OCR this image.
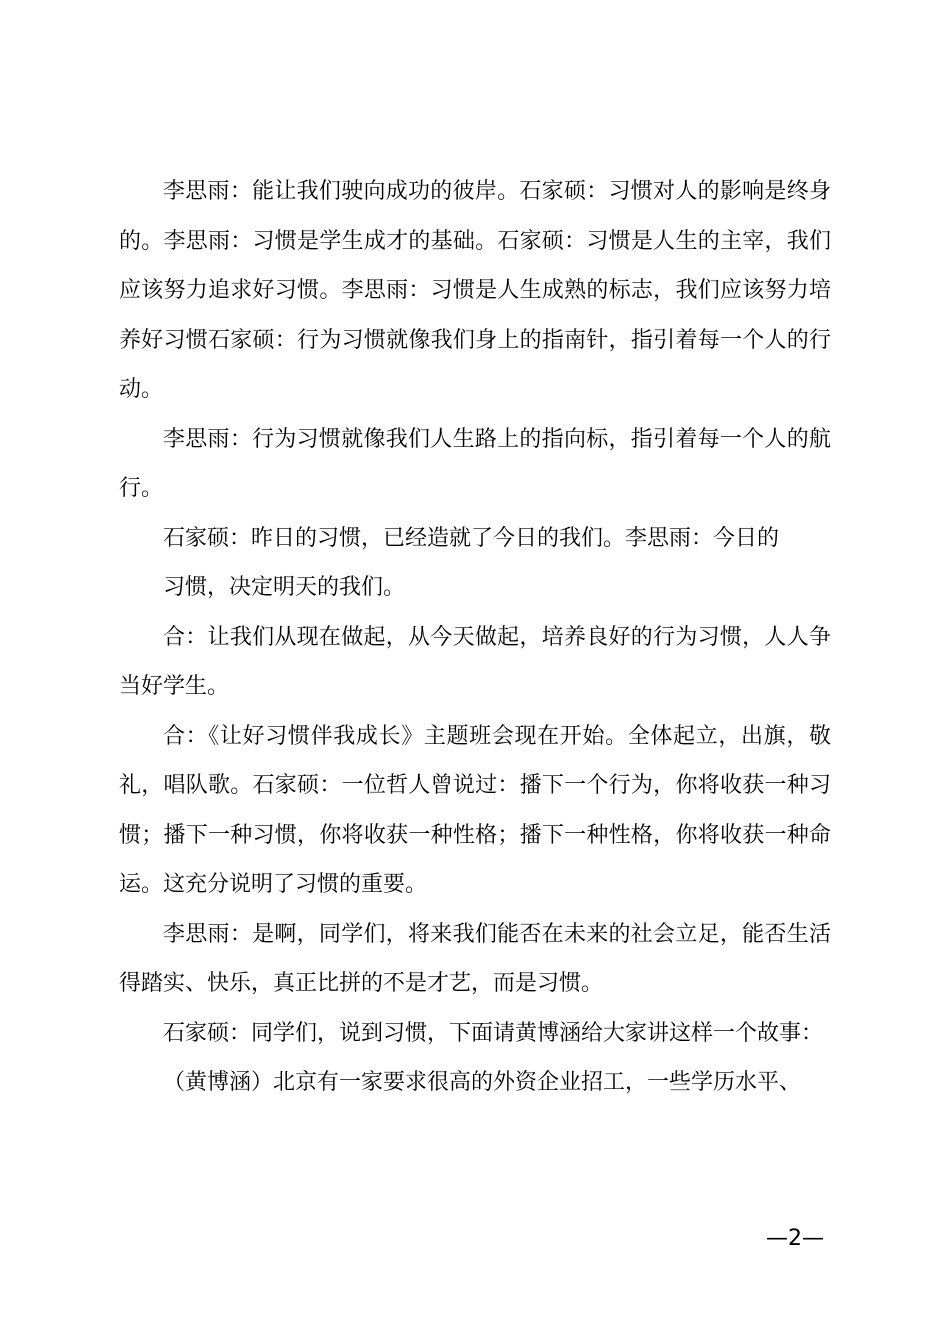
李思雨：能让我们驶向成功的彼岸。石家硕：习惯对人的影响是终身的。李思雨：习惯是学生成才的基础。石家硕：习惯是人生的主宰，我们应该努力追求好习惯。李思雨：习惯是人生成熟的标志，我们应该努力培养好习惯石家硕：行为习惯就像我们身上的指南针，指引着每一个人的行动。

李思雨：行为习惯就像我们人生路上的指向标，指引着每一个人的航行。

石家硕：昨日的习惯，已经造就了今日的我们。李思雨：今日的

习惯，决定明天的我们。

合：让我们从现在做起，从今天做起，培养良好的行为习惯，人人争当好学生。

合：《让好习惯伴我成长》主题班会现在开始。全体起立，出旗，敬礼，唱队歌。石家硕：一位哲人曾说过：播下一个行为，你将收获一种习惯；播下一种习惯，你将收获一种性格；播下一种性格，你将收获一种命运。这充分说明了习惯的重要。

李思雨：是啊，同学们，将来我们能否在未来的社会立足，能否生活得踏实、快乐，真正比拼的不是才艺，而是习惯。

石家硕：同学们，说到习惯，下面请黄博涵给大家讲这样一个故事：

（黄博涵）北京有一家要求很高的外资企业招工，一些学历水平、

—2—
